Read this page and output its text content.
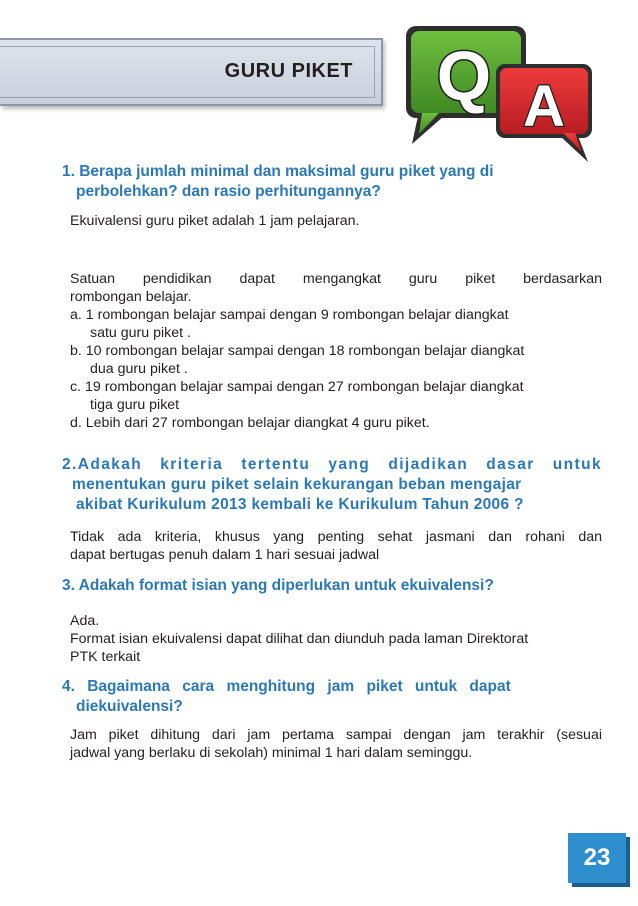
GURU PIKET Q A
1. Berapa jumlah minimal dan maksimal guru piket yang di
perbolehkan? dan rasio perhitungannya?
Ekuivalensi guru piket adalah 1 jam pelajaran.
Satuan pendidikan dapat mengangkat guru piket berdasarkan
rombongan belajar.
a. 1 rombongan belajar sampai dengan 9 rombongan belajar diangkat
satu guru piket .
b. 10 rombongan belajar sampai dengan 18 rombongan belajar diangkat
dua guru piket .
c. 19 rombongan belajar sampai dengan 27 rombongan belajar diangkat
tiga guru piket
d. Lebih dari 27 rombongan belajar diangkat 4 guru piket.
2.Adakah kriteria tertentu yang dijadikan dasar untuk
menentukan guru piket selain kekurangan beban mengajar
akibat Kurikulum 2013 kembali ke Kurikulum Tahun 2006 ?
Tidak ada kriteria, khusus yang penting sehat jasmani dan rohani dan
dapat bertugas penuh dalam 1 hari sesuai jadwal
3. Adakah format isian yang diperlukan untuk ekuivalensi?
Ada.
Format isian ekuivalensi dapat dilihat dan diunduh pada laman Direktorat
PTK terkait
4. Bagaimana cara menghitung jam piket untuk dapat
diekuivalensi?
Jam piket dihitung dari jam pertama sampai dengan jam terakhir (sesuai
jadwal yang berlaku di sekolah) minimal 1 hari dalam seminggu.
23
